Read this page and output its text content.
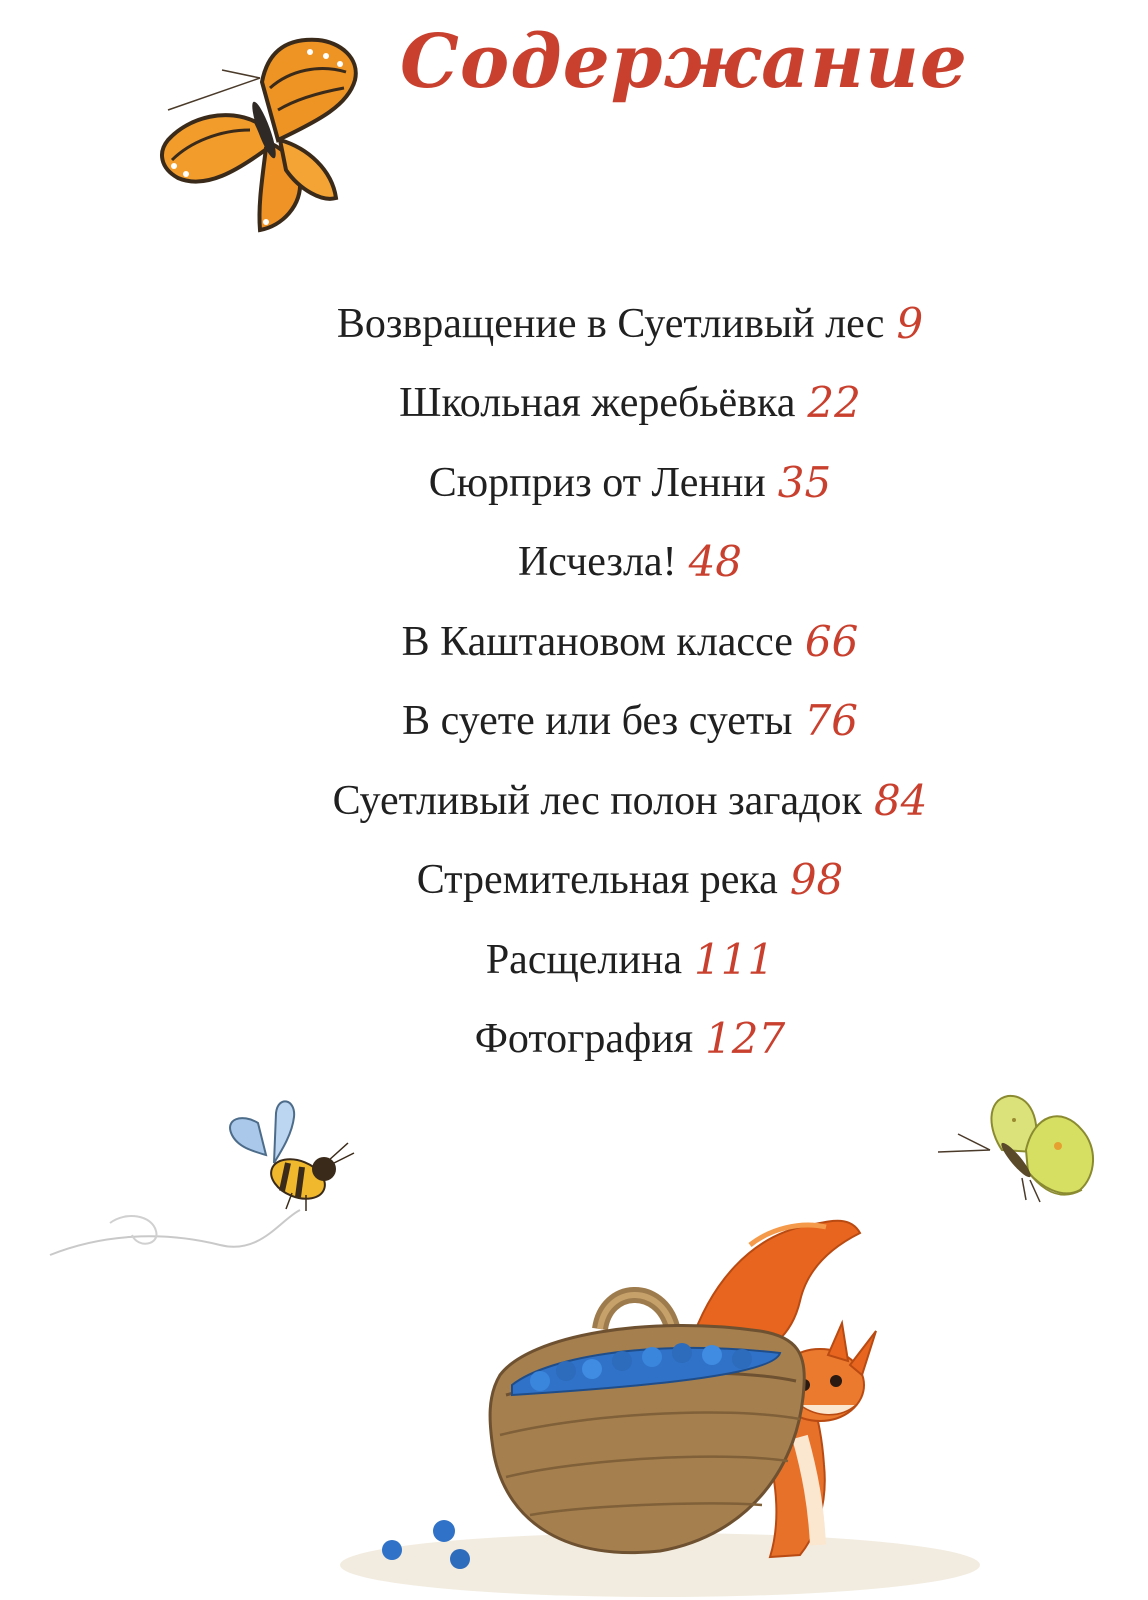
Содержание
Возвращение в Суетливый лес 9
Школьная жеребьёвка 22
Сюрприз от Ленни 35
Исчезла! 48
В Каштановом классе 66
В суете или без суеты 76
Суетливый лес полон загадок 84
Стремительная река 98
Расщелина 111
Фотография 127
